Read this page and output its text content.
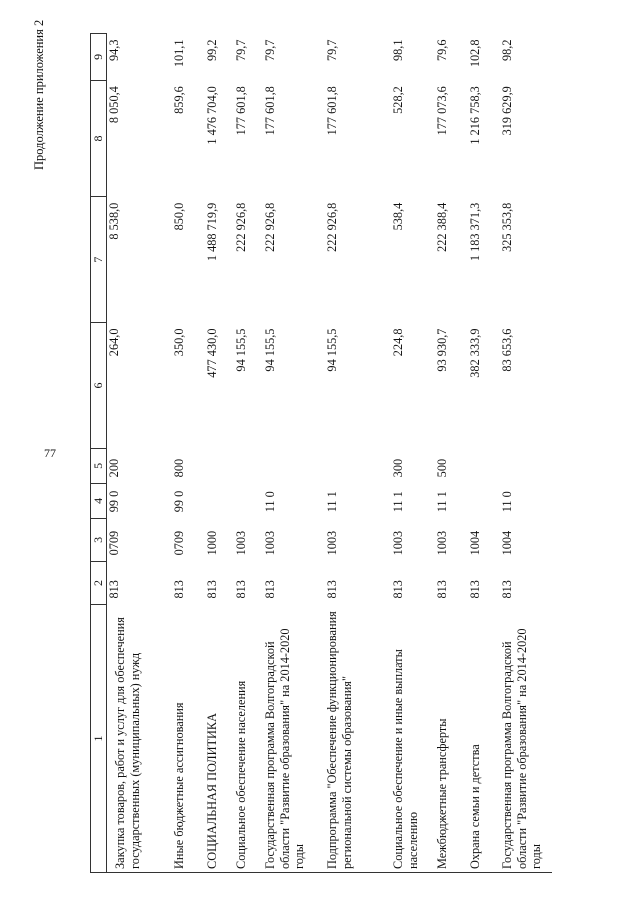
77
Продолжение приложения 2
1	2	3	4	5	6	7	8	9
Закупка товаров, работ и услуг для обеспечения государственных (муниципальных) нужд	813	0709	99 0	200	264,0	8 538,0	8 050,4	94,3
Иные бюджетные ассигнования	813	0709	99 0	800	350,0	850,0	859,6	101,1
СОЦИАЛЬНАЯ ПОЛИТИКА	813	1000			477 430,0	1 488 719,9	1 476 704,0	99,2
Социальное обеспечение населения	813	1003			94 155,5	222 926,8	177 601,8	79,7
Государственная программа Волгоградской области "Развитие образования" на 2014-2020 годы	813	1003	11 0		94 155,5	222 926,8	177 601,8	79,7
Подпрограмма "Обеспечение функционирования региональной системы образования"	813	1003	11 1		94 155,5	222 926,8	177 601,8	79,7
Социальное обеспечение и иные выплаты населению	813	1003	11 1	300	224,8	538,4	528,2	98,1
Межбюджетные трансферты	813	1003	11 1	500	93 930,7	222 388,4	177 073,6	79,6
Охрана семьи и детства	813	1004			382 333,9	1 183 371,3	1 216 758,3	102,8
Государственная программа Волгоградской области "Развитие образования" на 2014-2020 годы	813	1004	11 0		83 653,6	325 353,8	319 629,9	98,2
